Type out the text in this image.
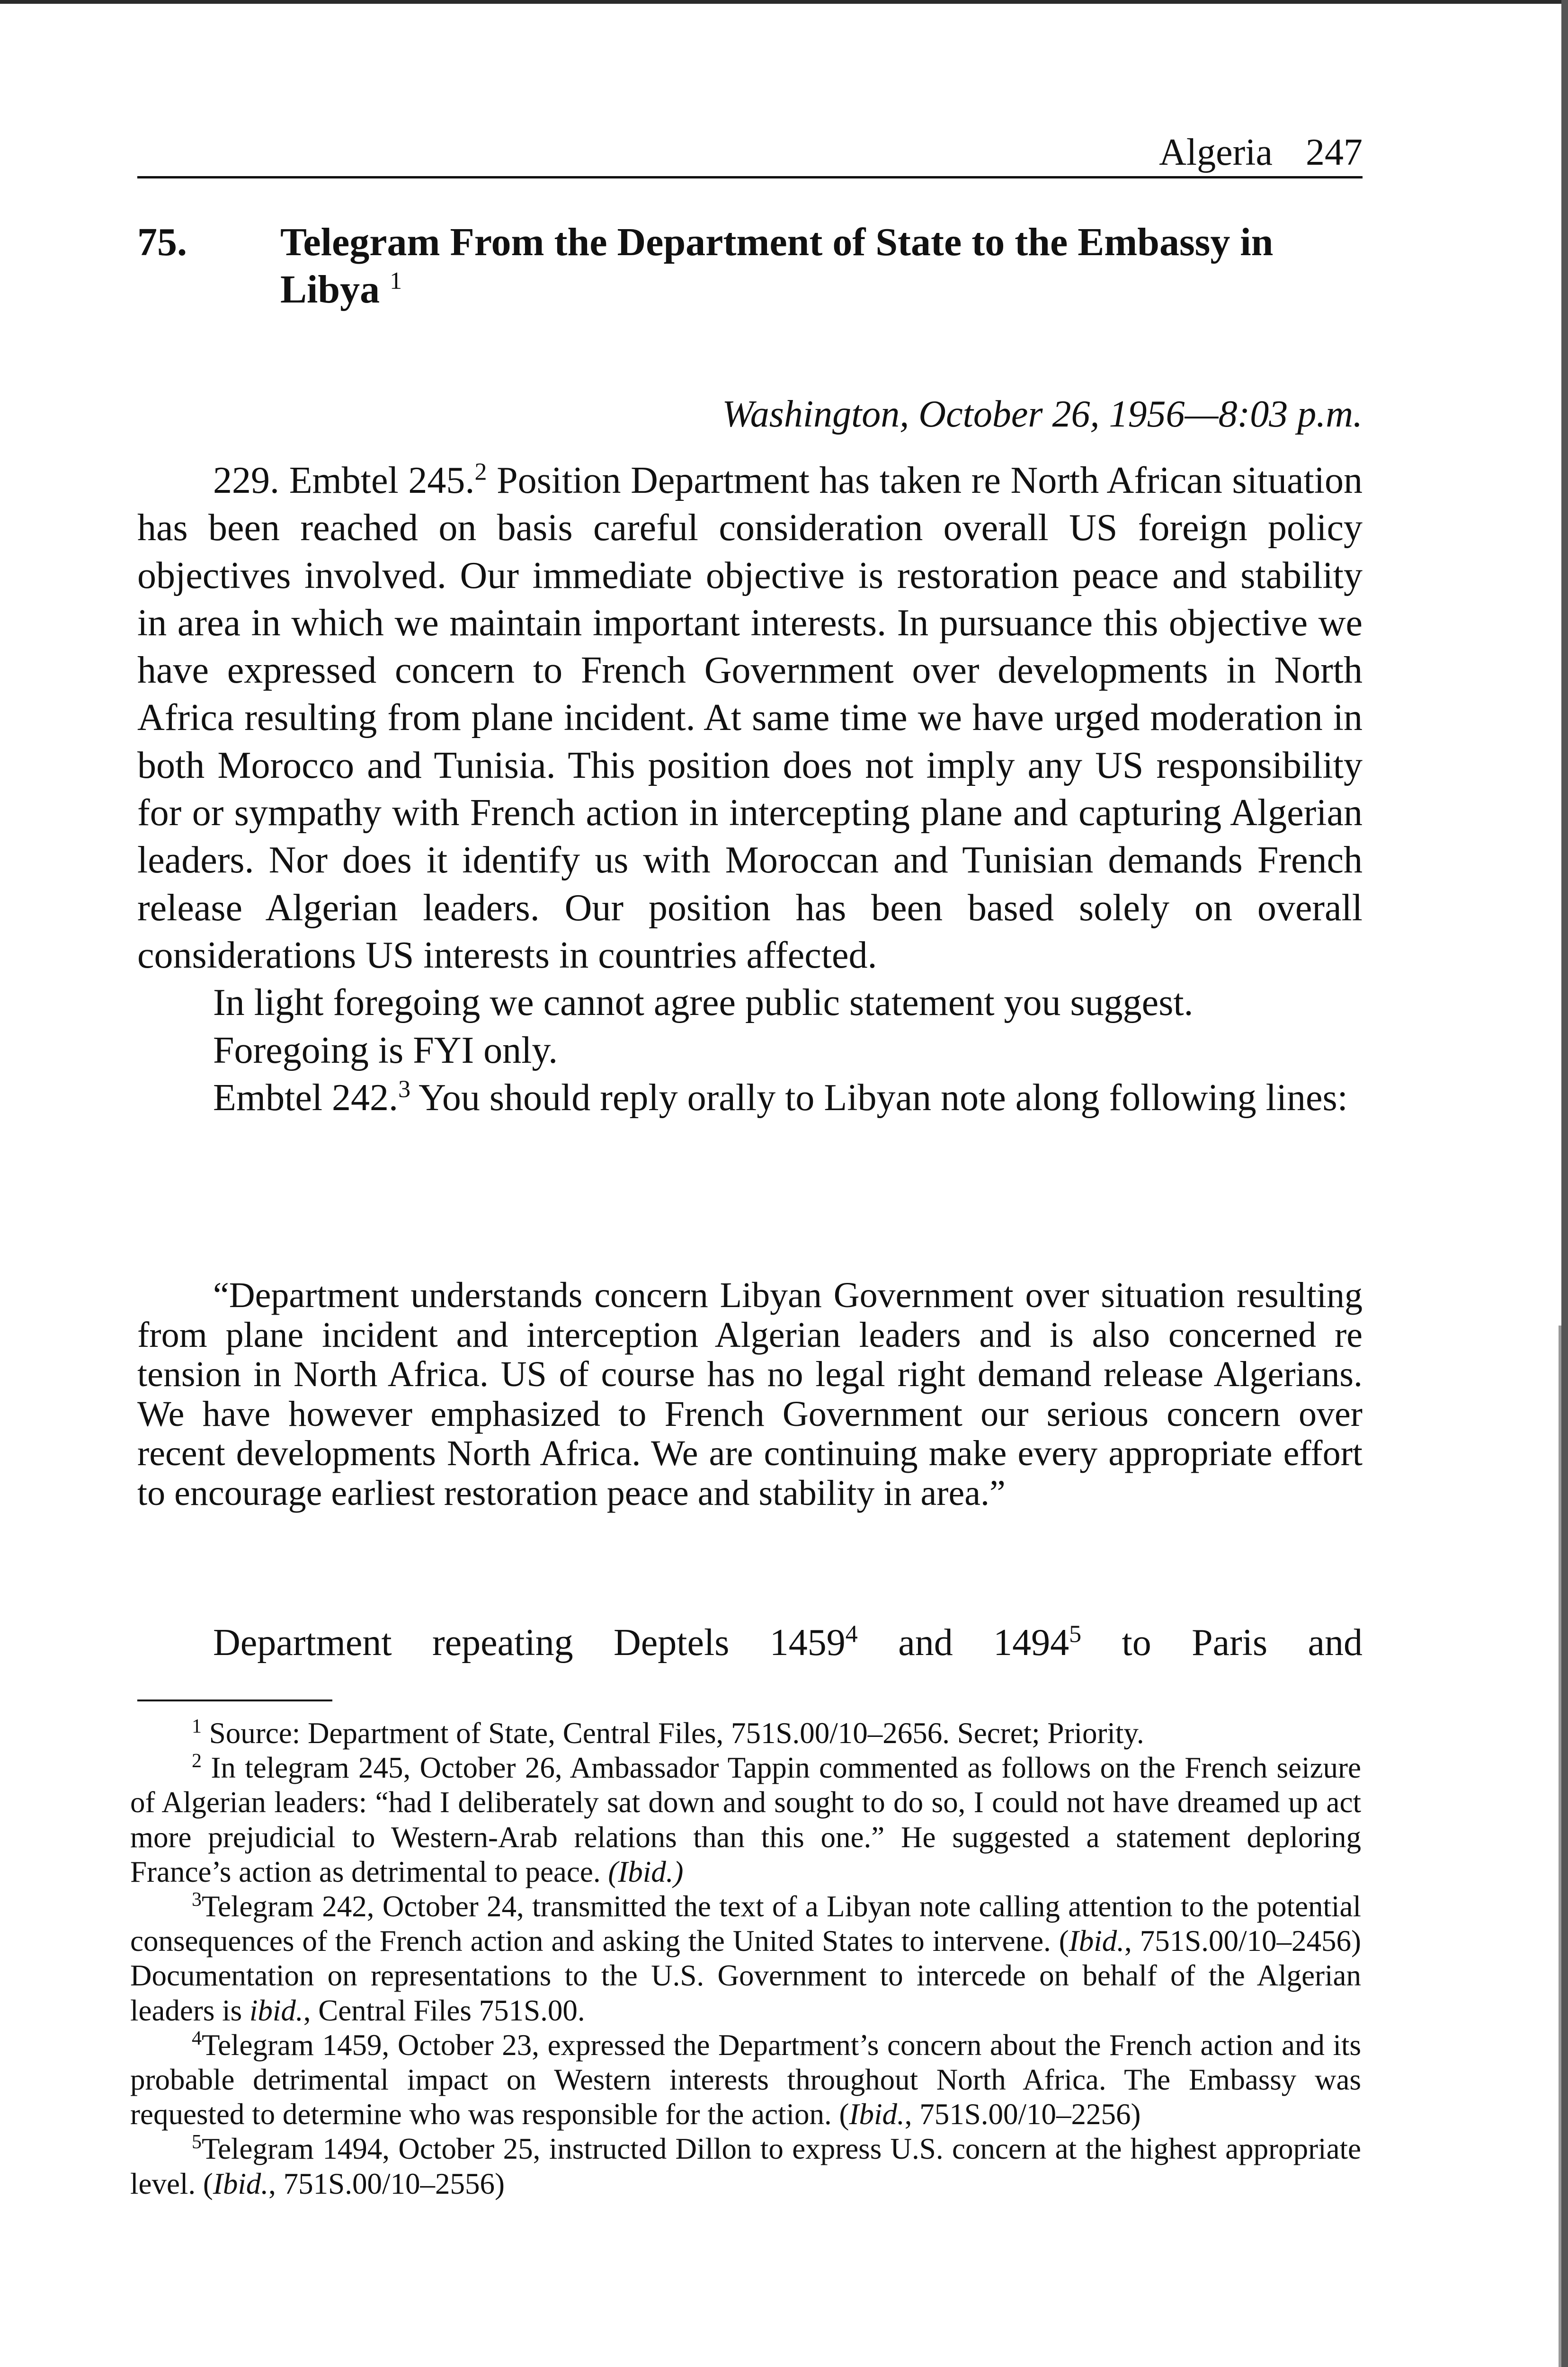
Algeria 247
75. Telegram From the Department of State to the Embassy in Libya $^1$
Washington, October 26, 1956—8:03 p.m.

229. Embtel 245.$^2$ Position Department has taken re North African situation has been reached on basis careful consideration overall US foreign policy objectives involved. Our immediate objective is restoration peace and stability in area in which we maintain important interests. In pursuance this objective we have expressed concern to French Government over developments in North Africa resulting from plane incident. At same time we have urged moderation in both Morocco and Tunisia. This position does not imply any US responsibility for or sympathy with French action in intercepting plane and capturing Algerian leaders. Nor does it identify us with Moroccan and Tunisian demands French release Algerian leaders. Our position has been based solely on overall considerations US interests in countries affected.

In light foregoing we cannot agree public statement you suggest.

Foregoing is FYI only.

Embtel 242.$^3$ You should reply orally to Libyan note along following lines:

“Department understands concern Libyan Government over situation resulting from plane incident and interception Algerian leaders and is also concerned re tension in North Africa. US of course has no legal right demand release Algerians. We have however emphasized to French Government our serious concern over recent developments North Africa. We are continuing make every appropriate effort to encourage earliest restoration peace and stability in area.”

Department repeating Deptels 1459$^4$ and 1494$^5$ to Paris and

$^1$ Source: Department of State, Central Files, 751S.00/10–2656. Secret; Priority.

$^2$ In telegram 245, October 26, Ambassador Tappin commented as follows on the French seizure of Algerian leaders: “had I deliberately sat down and sought to do so, I could not have dreamed up act more prejudicial to Western-Arab relations than this one.” He suggested a statement deploring France’s action as detrimental to peace. (Ibid.)

$^3$Telegram 242, October 24, transmitted the text of a Libyan note calling attention to the potential consequences of the French action and asking the United States to intervene. (Ibid., 751S.00/10–2456) Documentation on representations to the U.S. Government to intercede on behalf of the Algerian leaders is ibid., Central Files 751S.00.

$^4$Telegram 1459, October 23, expressed the Department’s concern about the French action and its probable detrimental impact on Western interests throughout North Africa. The Embassy was requested to determine who was responsible for the action. (Ibid., 751S.00/10–2256)

$^5$Telegram 1494, October 25, instructed Dillon to express U.S. concern at the highest appropriate level. (Ibid., 751S.00/10–2556)
